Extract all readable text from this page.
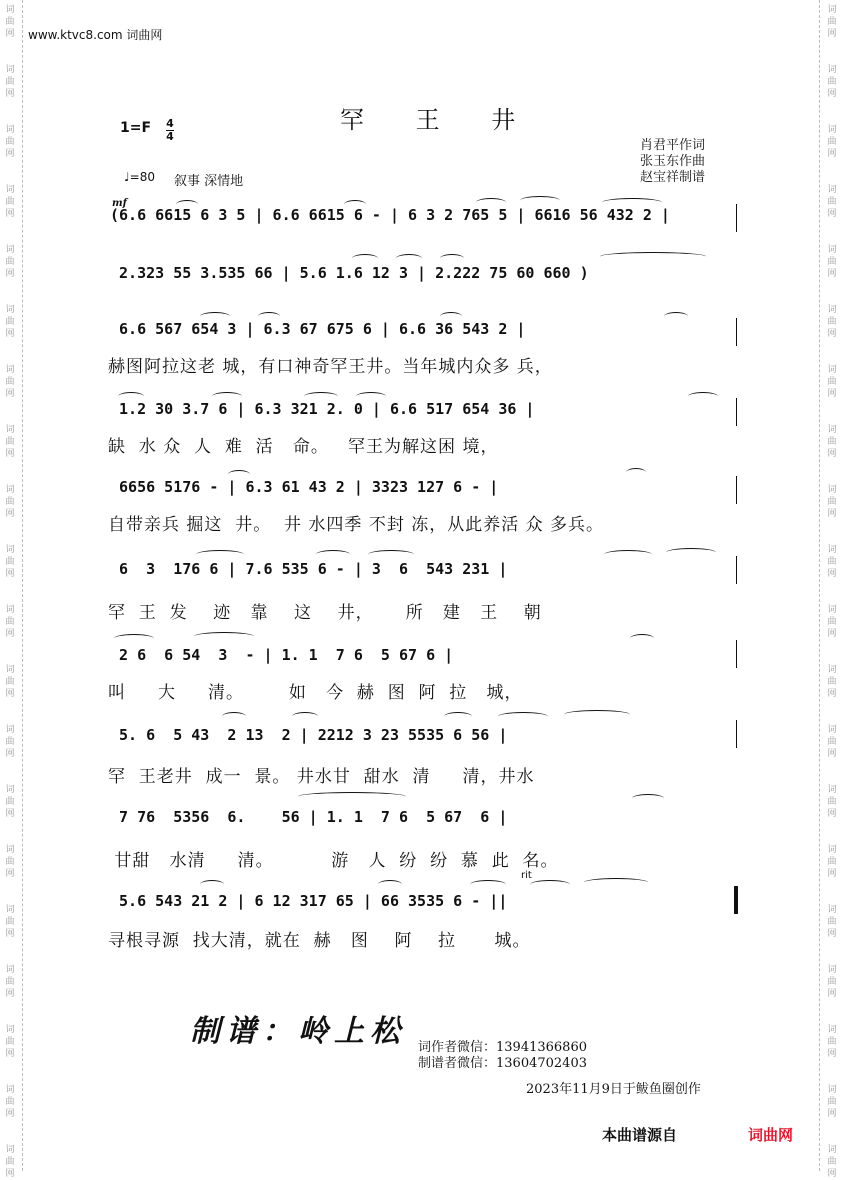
词曲网
词曲网
词曲网
词曲网
词曲网
词曲网
词曲网
词曲网
词曲网
词曲网
词曲网
词曲网
词曲网
词曲网
词曲网
词曲网
词曲网
词曲网
词曲网
词曲网
词曲网
词曲网
词曲网
词曲网
词曲网
词曲网
词曲网
词曲网
词曲网
词曲网
词曲网
词曲网
词曲网
词曲网
词曲网
词曲网
词曲网
词曲网
词曲网
词曲网
www.ktvc8.com 词曲网
罕 王 井
1=F 4
4
肖君平作词
张玉东作曲
赵宝祥制谱
♩=80 叙事 深情地
mf
(6.6 6615 6 3 5 | 6.6 6615 6 - | 6 3 2 765 5 | 6616 56 432 2 |
2.323 55 3.535 66 | 5.6 1.6 12 3 | 2.222 75 60 660 )
6.6 567 654 3 | 6.3 67 675 6 | 6.6 36 543 2 |
赫图阿拉这老 城，有口神奇罕王井。当年城内众多 兵，
1.2 30 3.7 6 | 6.3 321 2. 0 | 6.6 517 654 36 |
缺  水 众  人  难  活   命。   罕王为解这困 境，
6656 5176 - | 6.3 61 43 2 | 3323 127 6 - |
自带亲兵 掘这  井。  井 水四季 不封 冻，从此养活 众 多兵。
6  3  176 6 | 7.6 535 6 - | 3  6  543 231 |
罕  王  发    迹   靠    这    井，     所   建   王    朝
2 6  6 54  3  - | 1. 1  7 6  5 67 6 |
叫     大     清。       如   今  赫  图  阿  拉   城，
5. 6  5 43  2 13  2 | 2212 3 23 5535 6 56 |
罕  王老井  成一  景。 井水甘  甜水  清     清，井水
7 76  5356  6.    56 | 1. 1  7 6  5 67  6 |
甘甜   水清     清。         游   人  纷  纷  慕  此  名。
rit
5.6 543 21 2 | 6 12 317 65 | 66 3535 6 - ||
寻根寻源  找大清，就在  赫   图    阿    拉      城。
制谱：岭上松 词作者微信：13941366860
制谱者微信：13604702403
2023年11月9日于鲅鱼圈创作
本曲谱源自	词曲网
